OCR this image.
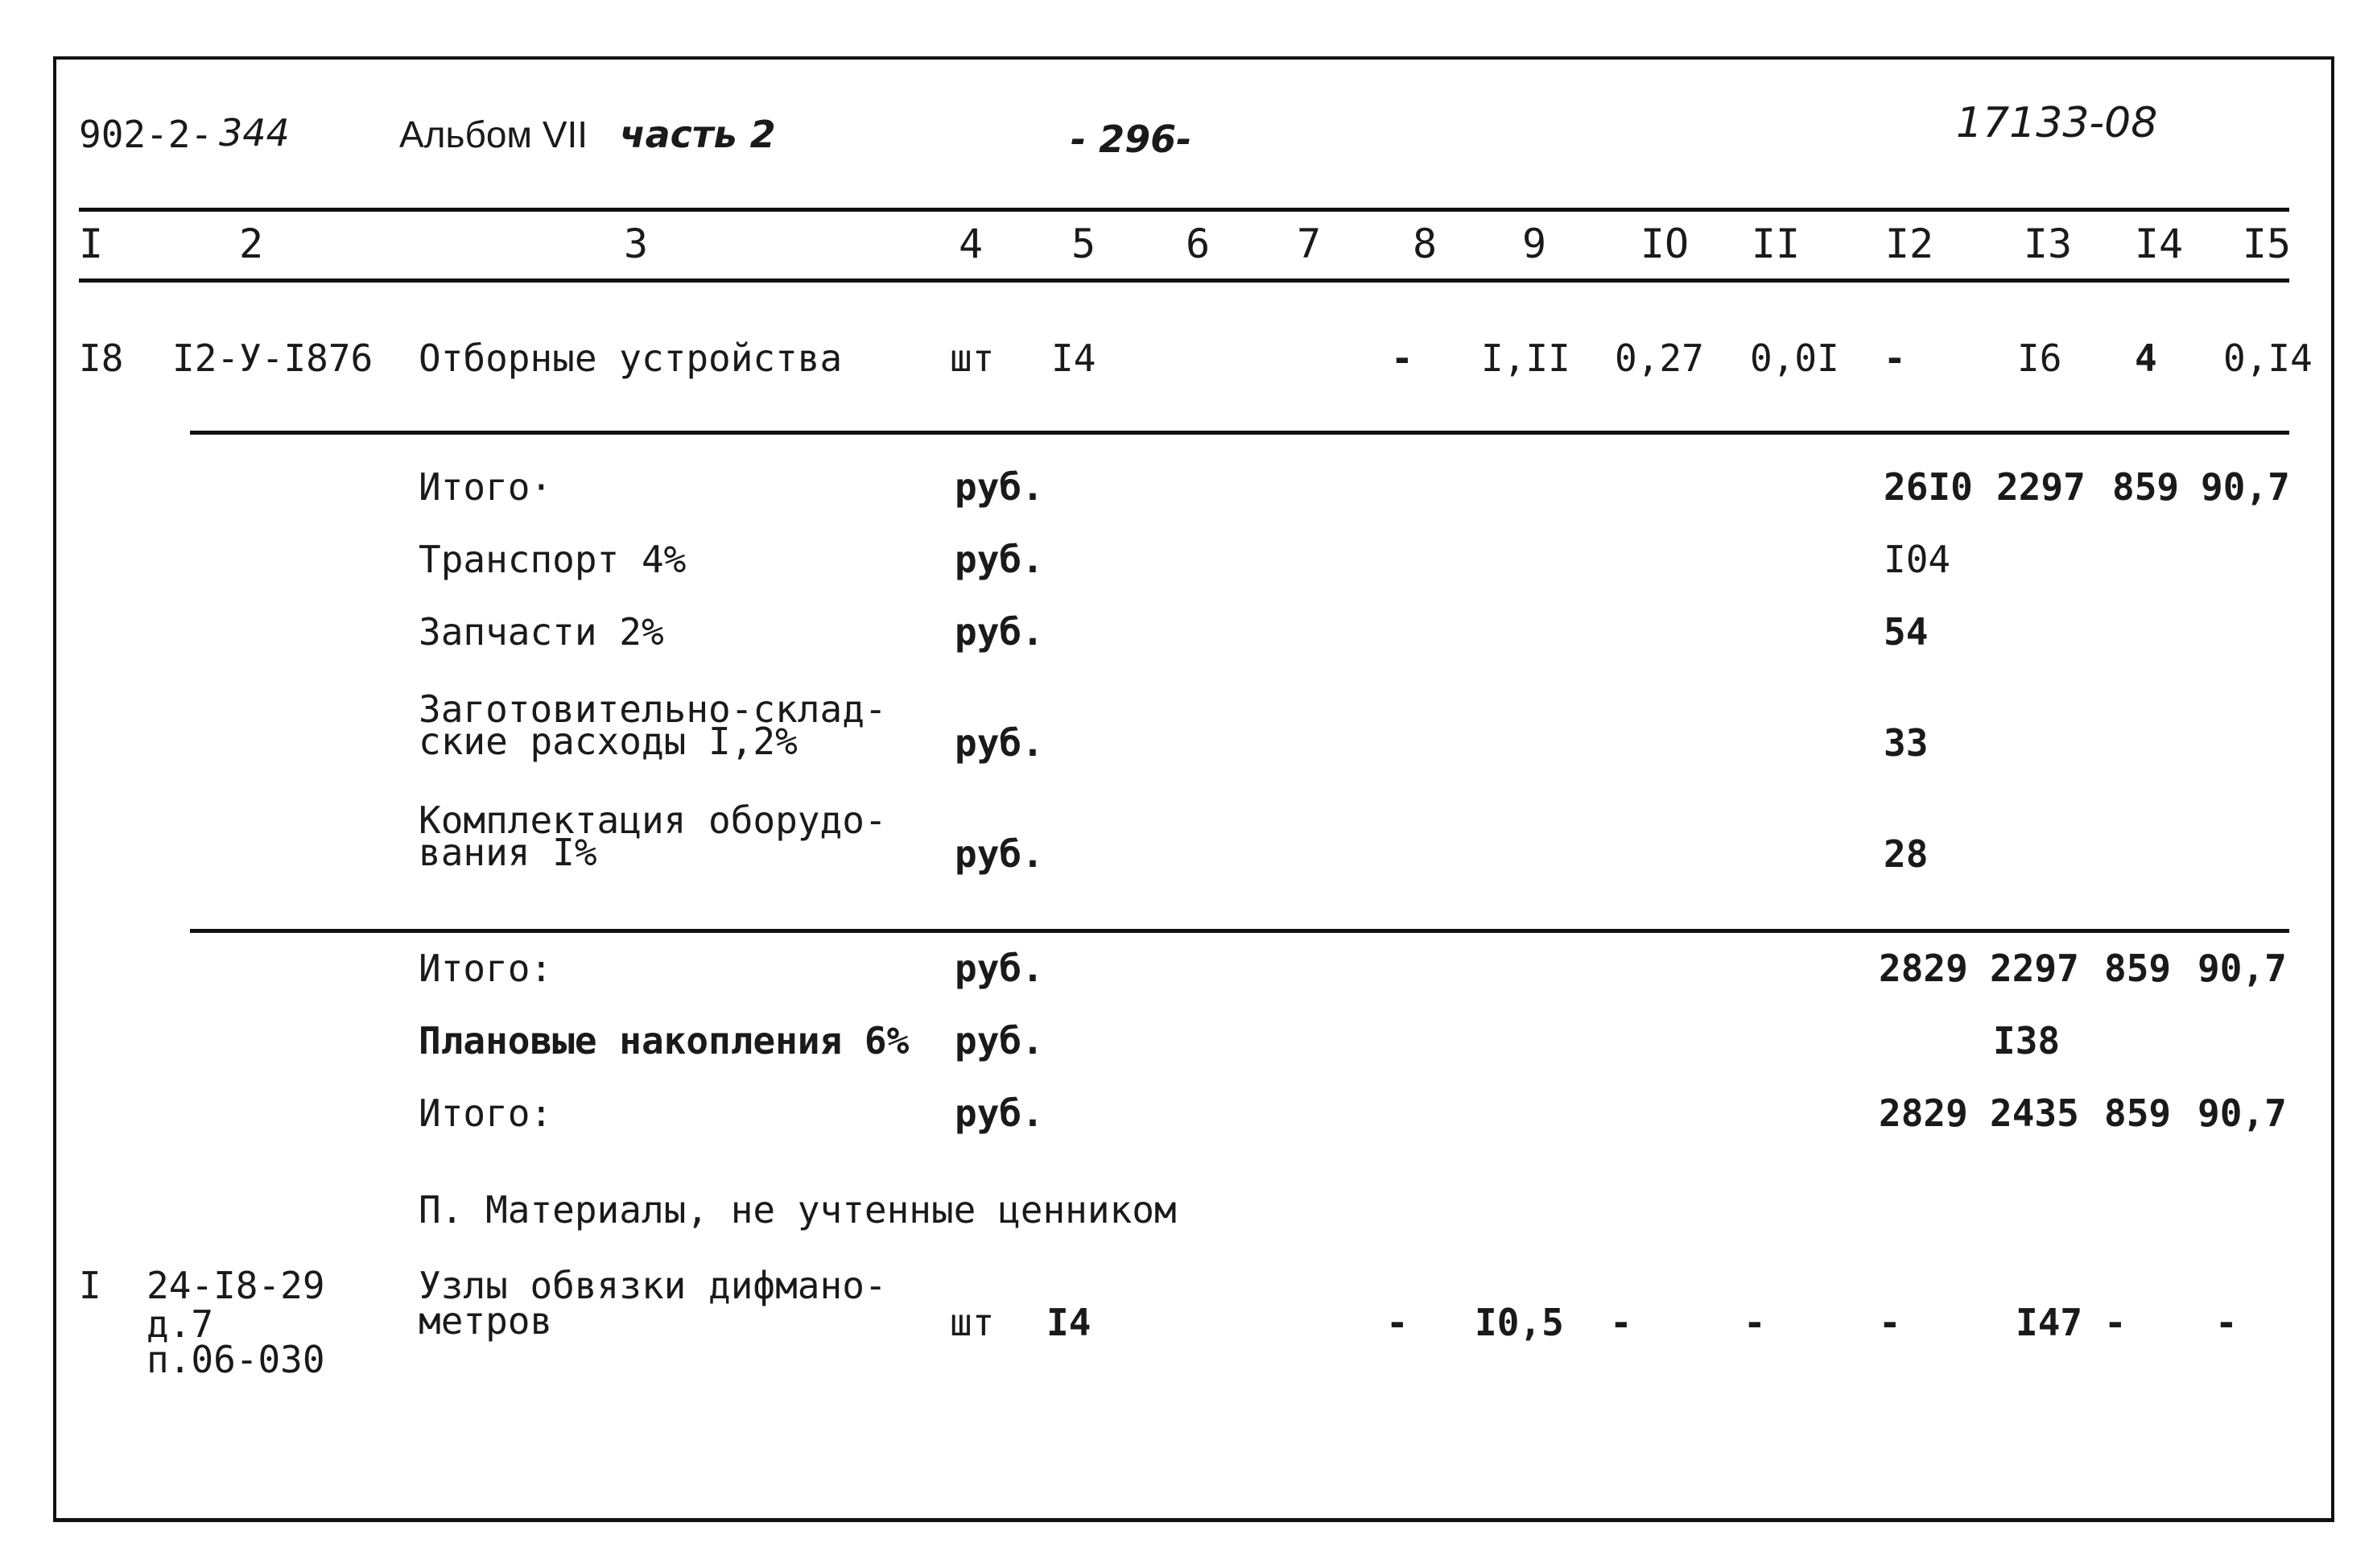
902-2- 344	Альбом VII часть 2	- 296-	17133-08
I	2	3	4 5 6 7 8 9 IO II I2 I3 I4 I5
I8 I2-У-I876 Отборные устройства	шт I4	- I,II 0,27 0,0I -	I6 4 0,I4
Итого·	руб.	26I0 2297 859 90,7
Транспорт 4%	руб.	I04
Запчасти 2%	руб.	54
Заготовительно-склад-
ские расходы I,2%	руб.	33
Комплектация оборудо-
вания I%	руб.	28
Итого:	руб.	2829 2297 859 90,7
Плановые накопления 6% руб.	I38
Итого:	руб.	2829 2435 859 90,7
П. Материалы, не учтенные ценником
I 24-I8-29
д.7
п.06-030
Узлы обвязки дифмано-
метров	шт I4	- I0,5 -	-	-	I47 - -
